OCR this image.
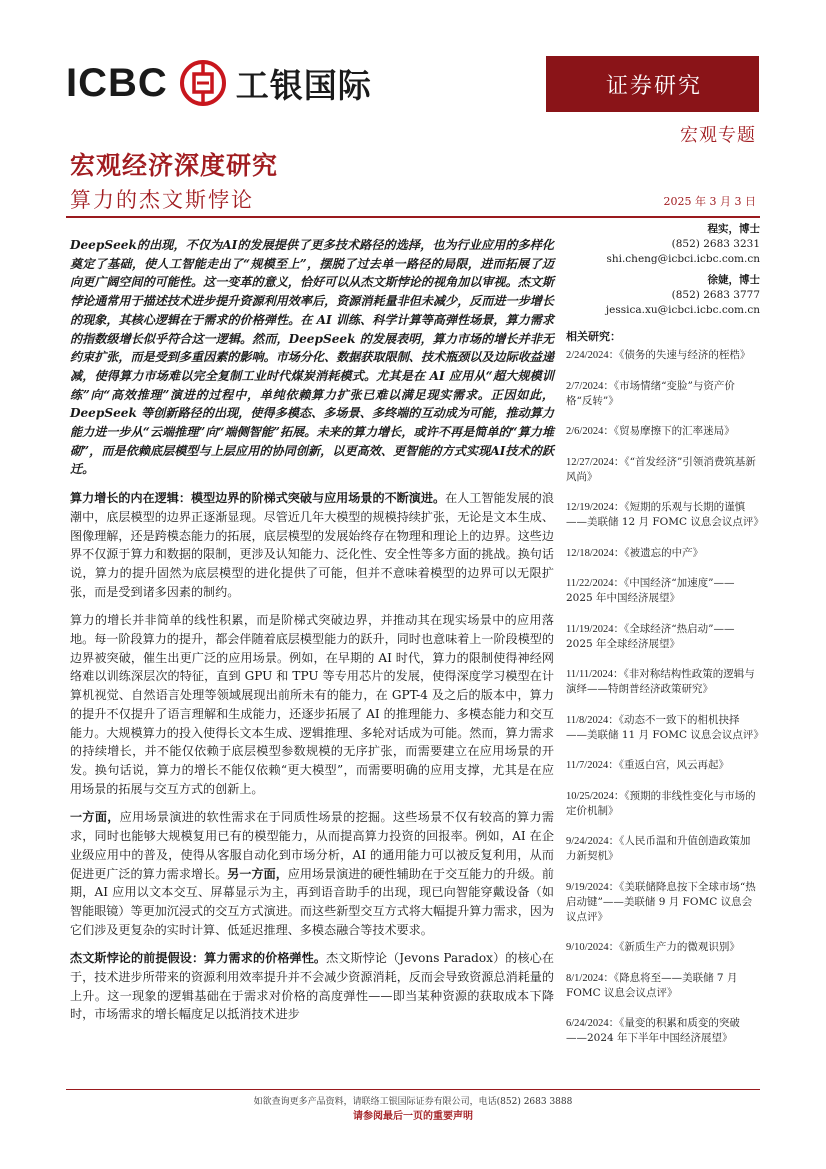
ICBC 工银国际	证券研究
宏观专题
宏观经济深度研究
算力的杰文斯悖论	2025 年 3 月 3 日

DeepSeek的出现，不仅为AI的发展提供了更多技术路径的选择，也为行业应用的多样化奠定了基础，使人工智能走出了“规模至上”，摆脱了过去单一路径的局限，进而拓展了迈向更广阔空间的可能性。这一变革的意义，恰好可以从杰文斯悖论的视角加以审视。杰文斯悖论通常用于描述技术进步提升资源利用效率后，资源消耗量非但未减少，反而进一步增长的现象，其核心逻辑在于需求的价格弹性。在 AI 训练、科学计算等高弹性场景，算力需求的指数级增长似乎符合这一逻辑。然而，DeepSeek 的发展表明，算力市场的增长并非无约束扩张，而是受到多重因素的影响。市场分化、数据获取限制、技术瓶颈以及边际收益递减，使得算力市场难以完全复制工业时代煤炭消耗模式。尤其是在 AI 应用从“超大规模训练”向“高效推理”演进的过程中，单纯依赖算力扩张已难以满足现实需求。正因如此，DeepSeek 等创新路径的出现，使得多模态、多场景、多终端的互动成为可能，推动算力能力进一步从“云端推理”向“端侧智能”拓展。未来的算力增长，或许不再是简单的“算力堆砌”，而是依赖底层模型与上层应用的协同创新，以更高效、更智能的方式实现AI技术的跃迁。

算力增长的内在逻辑：模型边界的阶梯式突破与应用场景的不断演进。在人工智能发展的浪潮中，底层模型的边界正逐渐显现。尽管近几年大模型的规模持续扩张，无论是文本生成、图像理解，还是跨模态能力的拓展，底层模型的发展始终存在物理和理论上的边界。这些边界不仅源于算力和数据的限制，更涉及认知能力、泛化性、安全性等多方面的挑战。换句话说，算力的提升固然为底层模型的进化提供了可能，但并不意味着模型的边界可以无限扩张，而是受到诸多因素的制约。

算力的增长并非简单的线性积累，而是阶梯式突破边界，并推动其在现实场景中的应用落地。每一阶段算力的提升，都会伴随着底层模型能力的跃升，同时也意味着上一阶段模型的边界被突破，催生出更广泛的应用场景。例如，在早期的 AI 时代，算力的限制使得神经网络难以训练深层次的特征，直到 GPU 和 TPU 等专用芯片的发展，使得深度学习模型在计算机视觉、自然语言处理等领域展现出前所未有的能力，在 GPT-4 及之后的版本中，算力的提升不仅提升了语言理解和生成能力，还逐步拓展了 AI 的推理能力、多模态能力和交互能力。大规模算力的投入使得长文本生成、逻辑推理、多轮对话成为可能。然而，算力需求的持续增长，并不能仅依赖于底层模型参数规模的无序扩张，而需要建立在应用场景的开发。换句话说，算力的增长不能仅依赖“更大模型”，而需要明确的应用支撑，尤其是在应用场景的拓展与交互方式的创新上。

一方面，应用场景演进的软性需求在于同质性场景的挖掘。这些场景不仅有较高的算力需求，同时也能够大规模复用已有的模型能力，从而提高算力投资的回报率。例如，AI 在企业级应用中的普及，使得从客服自动化到市场分析，AI 的通用能力可以被反复利用，从而促进更广泛的算力需求增长。另一方面，应用场景演进的硬性辅助在于交互能力的升级。前期，AI 应用以文本交互、屏幕显示为主，再到语音助手的出现，现已向智能穿戴设备（如智能眼镜）等更加沉浸式的交互方式演进。而这些新型交互方式将大幅提升算力需求，因为它们涉及更复杂的实时计算、低延迟推理、多模态融合等技术要求。

杰文斯悖论的前提假设：算力需求的价格弹性。杰文斯悖论（Jevons Paradox）的核心在于，技术进步所带来的资源利用效率提升并不会减少资源消耗，反而会导致资源总消耗量的上升。这一现象的逻辑基础在于需求对价格的高度弹性——即当某种资源的获取成本下降时，市场需求的增长幅度足以抵消技术进步

程实，博士
(852) 2683 3231
shi.cheng@icbci.icbc.com.cn
徐婕，博士
(852) 2683 3777
jessica.xu@icbci.icbc.com.cn
相关研究：
2/24/2024：《债务的失速与经济的桎梏》
2/7/2024：《市场情绪“变脸”与资产价格“反转”》
2/6/2024：《贸易摩擦下的汇率迷局》
12/27/2024：《“首发经济”引领消费筑基新风尚》
12/19/2024：《短期的乐观与长期的谨慎——美联储 12 月 FOMC 议息会议点评》
12/18/2024：《被遗忘的中产》
11/22/2024：《中国经济“加速度”——2025 年中国经济展望》
11/19/2024：《全球经济“热启动”——2025 年全球经济展望》
11/11/2024：《非对称结构性政策的逻辑与演绎——特朗普经济政策研究》
11/8/2024：《动态不一致下的相机抉择——美联储 11 月 FOMC 议息会议点评》
11/7/2024：《重返白宫，风云再起》
10/25/2024：《预期的非线性变化与市场的定价机制》
9/24/2024：《人民币温和升值创造政策加力新契机》
9/19/2024：《美联储降息按下全球市场“热启动键”——美联储 9 月 FOMC 议息会议点评》
9/10/2024：《新质生产力的微观识别》
8/1/2024：《降息将至——美联储 7 月 FOMC 议息会议点评》
6/24/2024：《量变的积累和质变的突破——2024 年下半年中国经济展望》
如欲查询更多产品资料，请联络工银国际证券有限公司，电话(852) 2683 3888
请参阅最后一页的重要声明
